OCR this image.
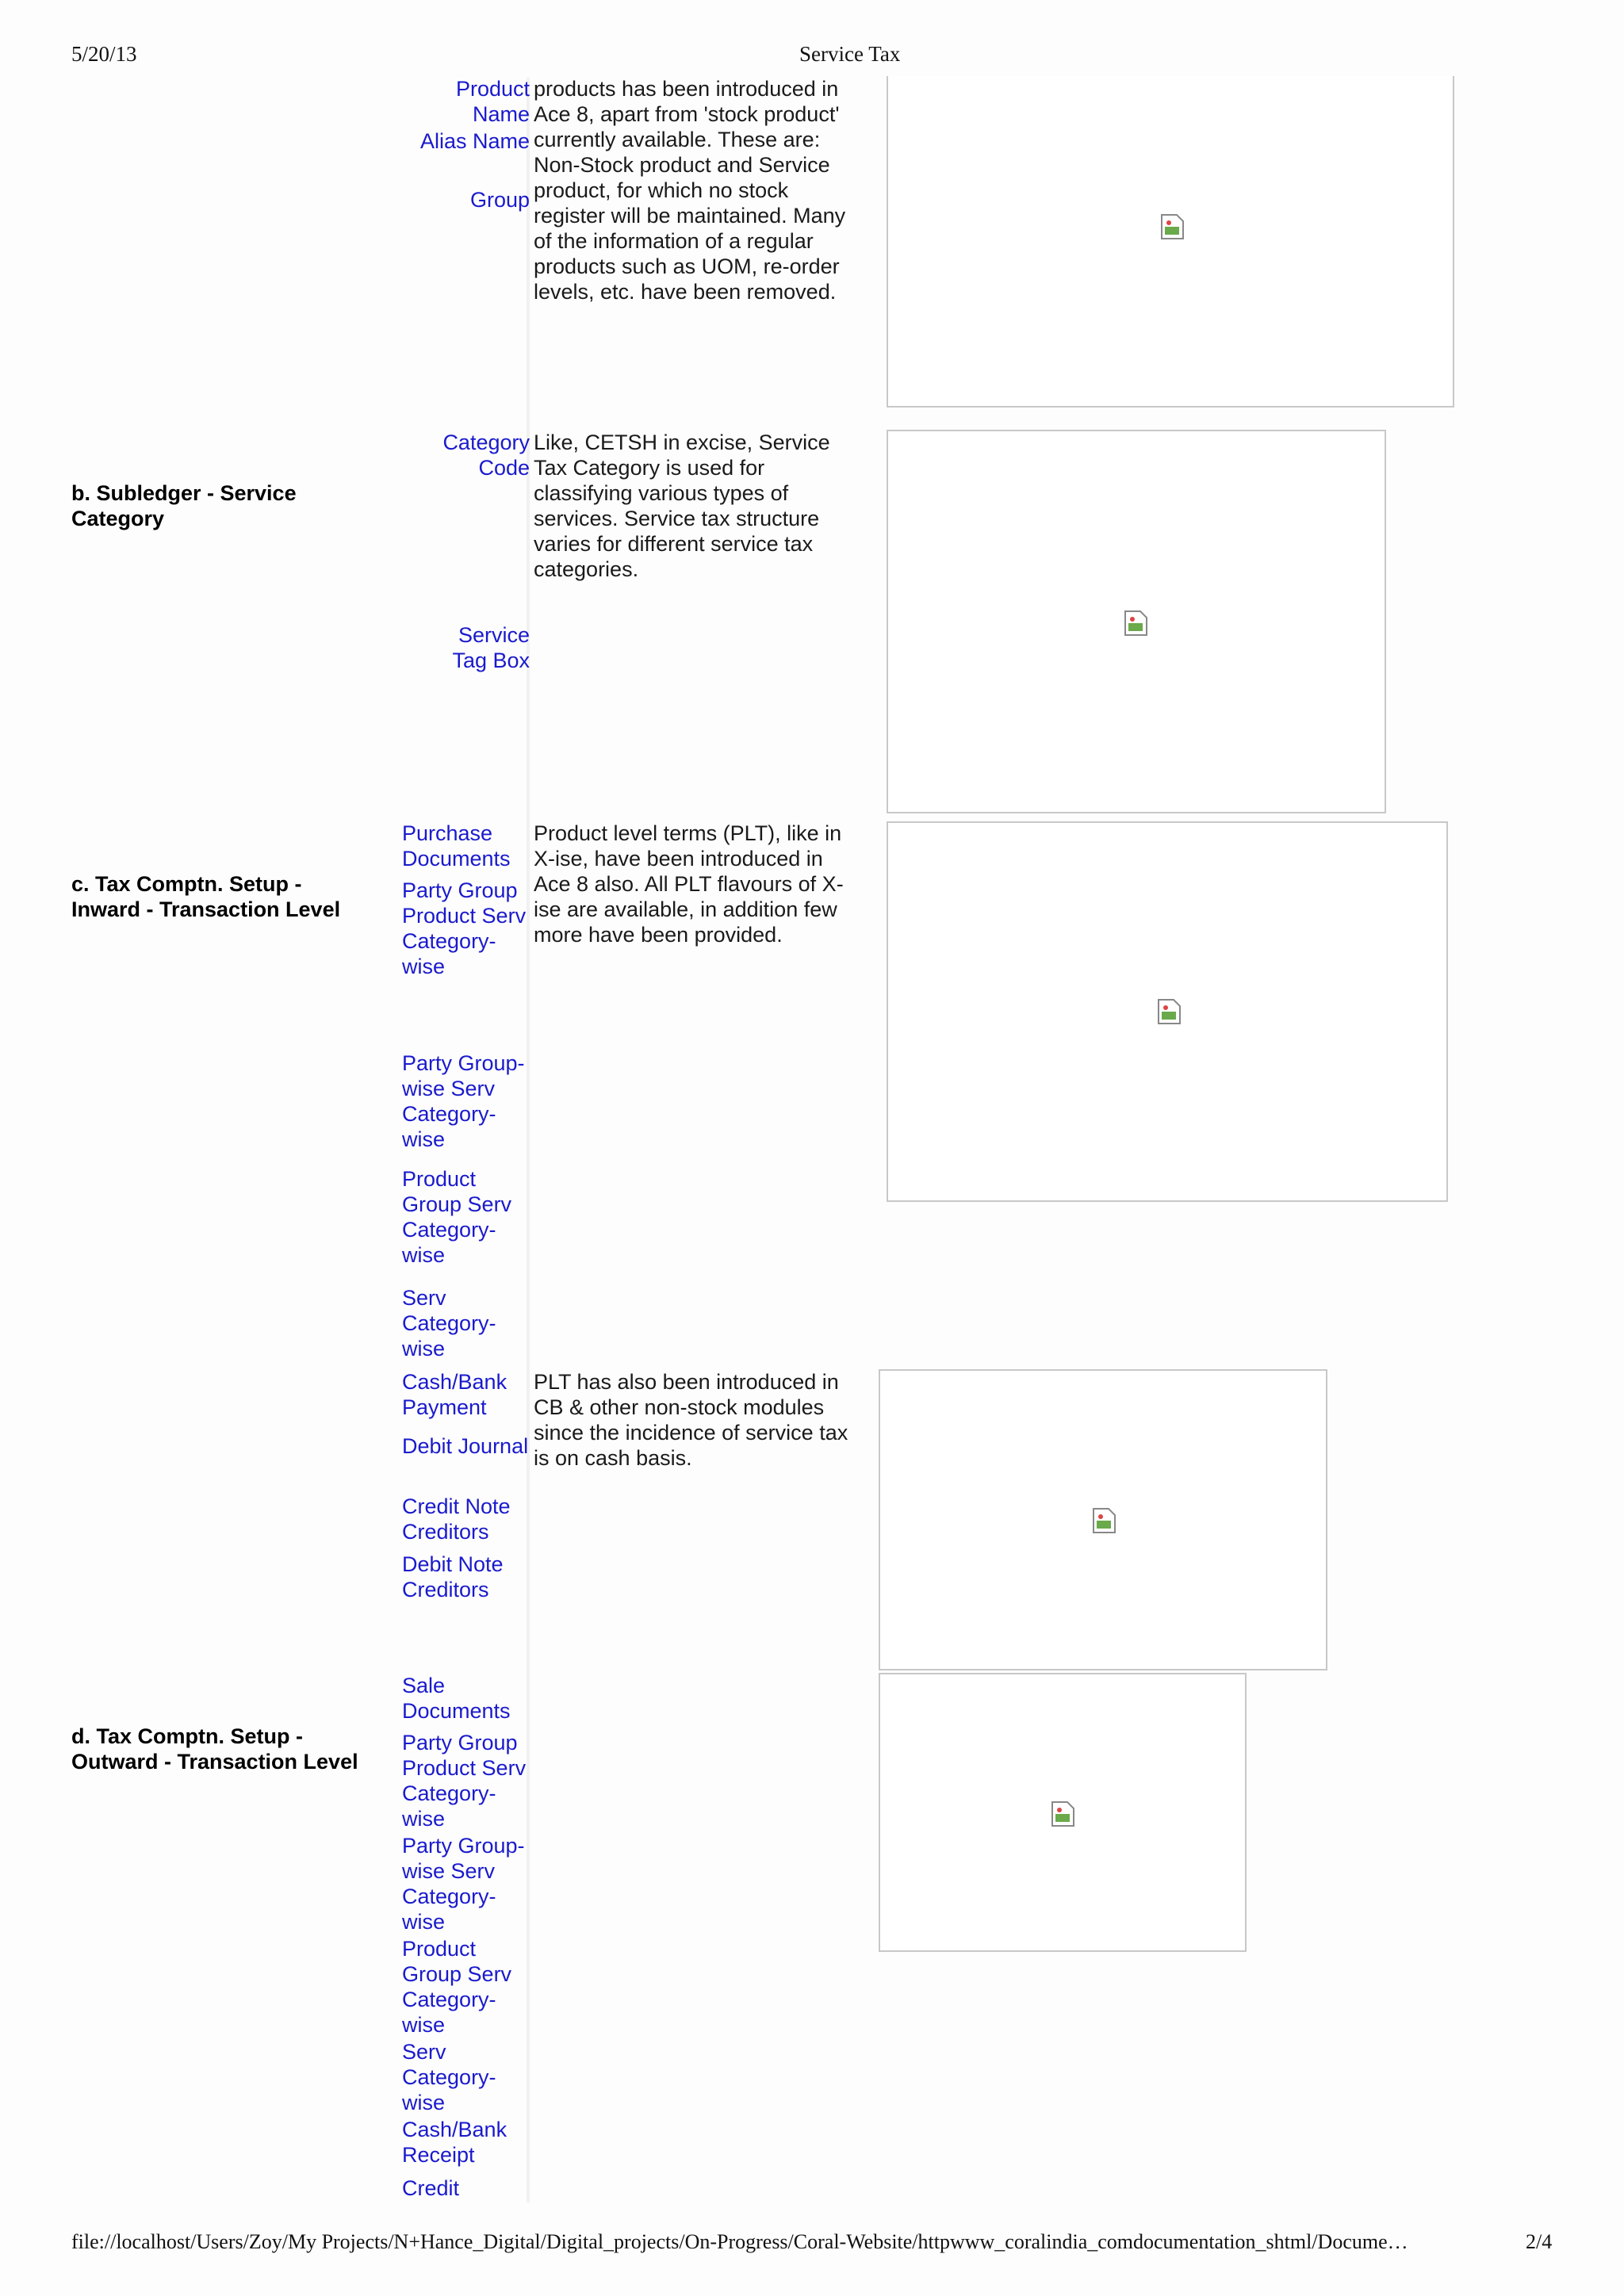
5/20/13	Service Tax
Product
Name
Alias Name
Group
products has been introduced in
Ace 8, apart from 'stock product'
currently available. These are:
Non-Stock product and Service
product, for which no stock
register will be maintained. Many
of the information of a regular
products such as UOM, re-order
levels, etc. have been removed.

b. Subledger - Service
Category

Category
Code
Service
Tag Box
Like, CETSH in excise, Service
Tax Category is used for
classifying various types of
services. Service tax structure
varies for different service tax
categories.

c. Tax Comptn. Setup -
Inward - Transaction Level

Purchase
Documents
Party Group
Product Serv
Category-
wise
Party Group-
wise Serv
Category-
wise
Product
Group Serv
Category-
wise
Serv
Category-
wise
Cash/Bank
Payment
Debit Journal
Credit Note
Creditors
Debit Note
Creditors
Product level terms (PLT), like in
X-ise, have been introduced in
Ace 8 also. All PLT flavours of X-
ise are available, in addition few
more have been provided.
PLT has also been introduced in
CB & other non-stock modules
since the incidence of service tax
is on cash basis.

d. Tax Comptn. Setup -
Outward - Transaction Level

Sale
Documents
Party Group
Product Serv
Category-
wise
Party Group-
wise Serv
Category-
wise
Product
Group Serv
Category-
wise
Serv
Category-
wise
Cash/Bank
Receipt
Credit
file://localhost/Users/Zoy/My Projects/N+Hance_Digital/Digital_projects/On-Progress/Coral-Website/httpwww_coralindia_comdocumentation_shtml/Docume…	2/4
